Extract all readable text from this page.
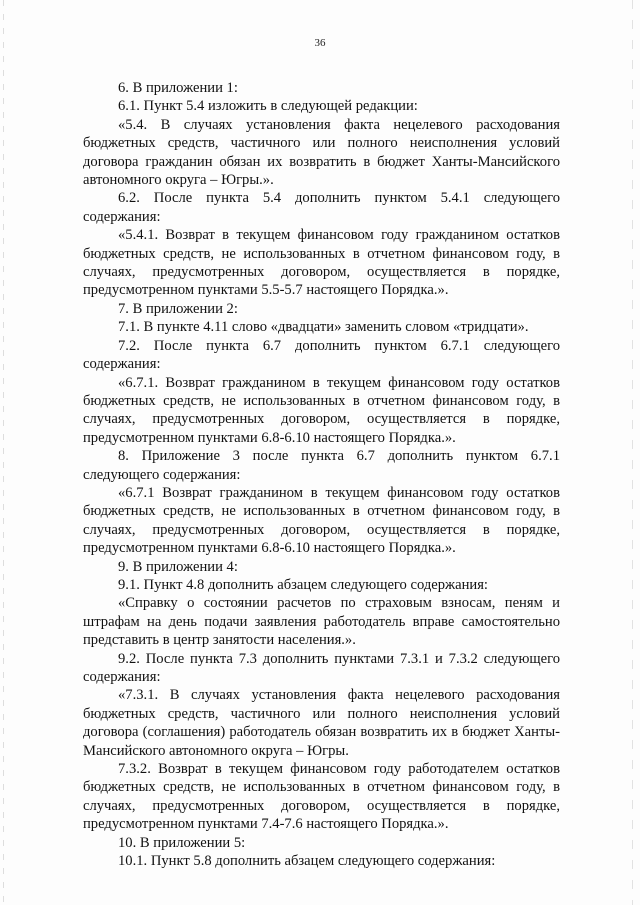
36

6. В приложении 1:

6.1. Пункт 5.4 изложить в следующей редакции:

«5.4. В случаях установления факта нецелевого расходования бюджетных средств, частичного или полного неисполнения условий договора гражданин обязан их возвратить в бюджет Ханты-Мансийского автономного округа – Югры.».

6.2. После пункта 5.4 дополнить пунктом 5.4.1 следующего содержания:

«5.4.1. Возврат в текущем финансовом году гражданином остатков бюджетных средств, не использованных в отчетном финансовом году, в случаях, предусмотренных договором, осуществляется в порядке, предусмотренном пунктами 5.5-5.7 настоящего Порядка.».

7. В приложении 2:

7.1. В пункте 4.11 слово «двадцати» заменить словом «тридцати».

7.2. После пункта 6.7 дополнить пунктом 6.7.1 следующего содержания:

«6.7.1. Возврат гражданином в текущем финансовом году остатков бюджетных средств, не использованных в отчетном финансовом году, в случаях, предусмотренных договором, осуществляется в порядке, предусмотренном пунктами 6.8-6.10 настоящего Порядка.».

8. Приложение 3 после пункта 6.7 дополнить пунктом 6.7.1 следующего содержания:

«6.7.1 Возврат гражданином в текущем финансовом году остатков бюджетных средств, не использованных в отчетном финансовом году, в случаях, предусмотренных договором, осуществляется в порядке, предусмотренном пунктами 6.8-6.10 настоящего Порядка.».

9. В приложении 4:

9.1. Пункт 4.8 дополнить абзацем следующего содержания:

«Справку о состоянии расчетов по страховым взносам, пеням и штрафам на день подачи заявления работодатель вправе самостоятельно представить в центр занятости населения.».

9.2. После пункта 7.3 дополнить пунктами 7.3.1 и 7.3.2 следующего содержания:

«7.3.1. В случаях установления факта нецелевого расходования бюджетных средств, частичного или полного неисполнения условий договора (соглашения) работодатель обязан возвратить их в бюджет Ханты-Мансийского автономного округа – Югры.

7.3.2. Возврат в текущем финансовом году работодателем остатков бюджетных средств, не использованных в отчетном финансовом году, в случаях, предусмотренных договором, осуществляется в порядке, предусмотренном пунктами 7.4-7.6 настоящего Порядка.».

10. В приложении 5:

10.1. Пункт 5.8 дополнить абзацем следующего содержания:
